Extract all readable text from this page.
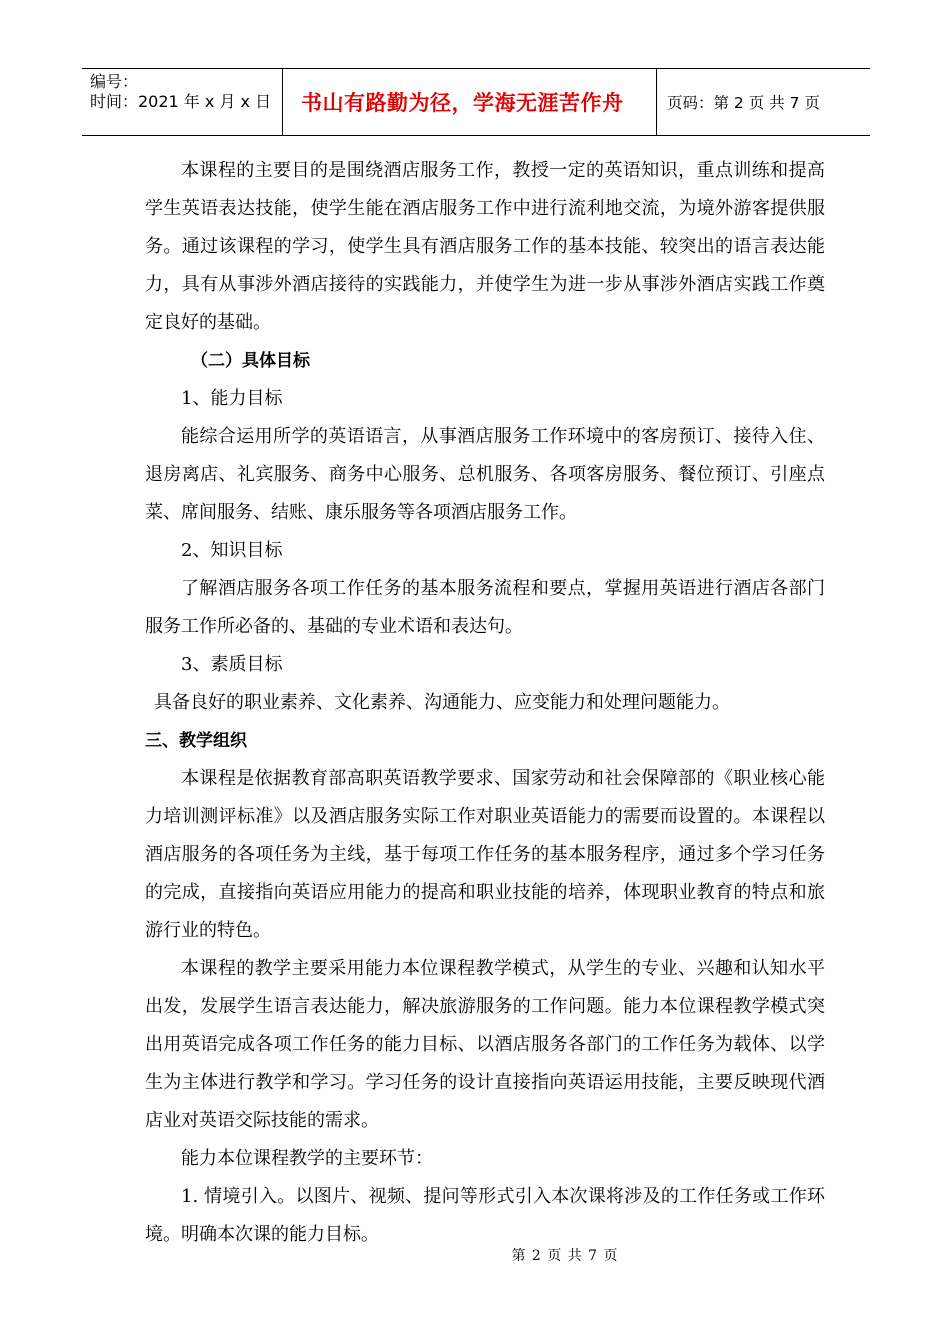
编号：
时间：2021 年 x 月 x 日	书山有路勤为径，学海无涯苦作舟	页码：第 2 页 共 7 页

本课程的主要目的是围绕酒店服务工作，教授一定的英语知识，重点训练和提高学生英语表达技能，使学生能在酒店服务工作中进行流利地交流，为境外游客提供服务。通过该课程的学习，使学生具有酒店服务工作的基本技能、较突出的语言表达能力，具有从事涉外酒店接待的实践能力，并使学生为进一步从事涉外酒店实践工作奠定良好的基础。

（二）具体目标

1、能力目标

能综合运用所学的英语语言，从事酒店服务工作环境中的客房预订、接待入住、退房离店、礼宾服务、商务中心服务、总机服务、各项客房服务、餐位预订、引座点菜、席间服务、结账、康乐服务等各项酒店服务工作。

2、知识目标

了解酒店服务各项工作任务的基本服务流程和要点，掌握用英语进行酒店各部门服务工作所必备的、基础的专业术语和表达句。

3、素质目标

具备良好的职业素养、文化素养、沟通能力、应变能力和处理问题能力。

三、教学组织

本课程是依据教育部高职英语教学要求、国家劳动和社会保障部的《职业核心能力培训测评标准》以及酒店服务实际工作对职业英语能力的需要而设置的。本课程以酒店服务的各项任务为主线，基于每项工作任务的基本服务程序，通过多个学习任务的完成，直接指向英语应用能力的提高和职业技能的培养，体现职业教育的特点和旅游行业的特色。

本课程的教学主要采用能力本位课程教学模式，从学生的专业、兴趣和认知水平出发，发展学生语言表达能力，解决旅游服务的工作问题。能力本位课程教学模式突出用英语完成各项工作任务的能力目标、以酒店服务各部门的工作任务为载体、以学生为主体进行教学和学习。学习任务的设计直接指向英语运用技能，主要反映现代酒店业对英语交际技能的需求。

能力本位课程教学的主要环节：

1. 情境引入。以图片、视频、提问等形式引入本次课将涉及的工作任务或工作环境。明确本次课的能力目标。

第 2 页 共 7 页
